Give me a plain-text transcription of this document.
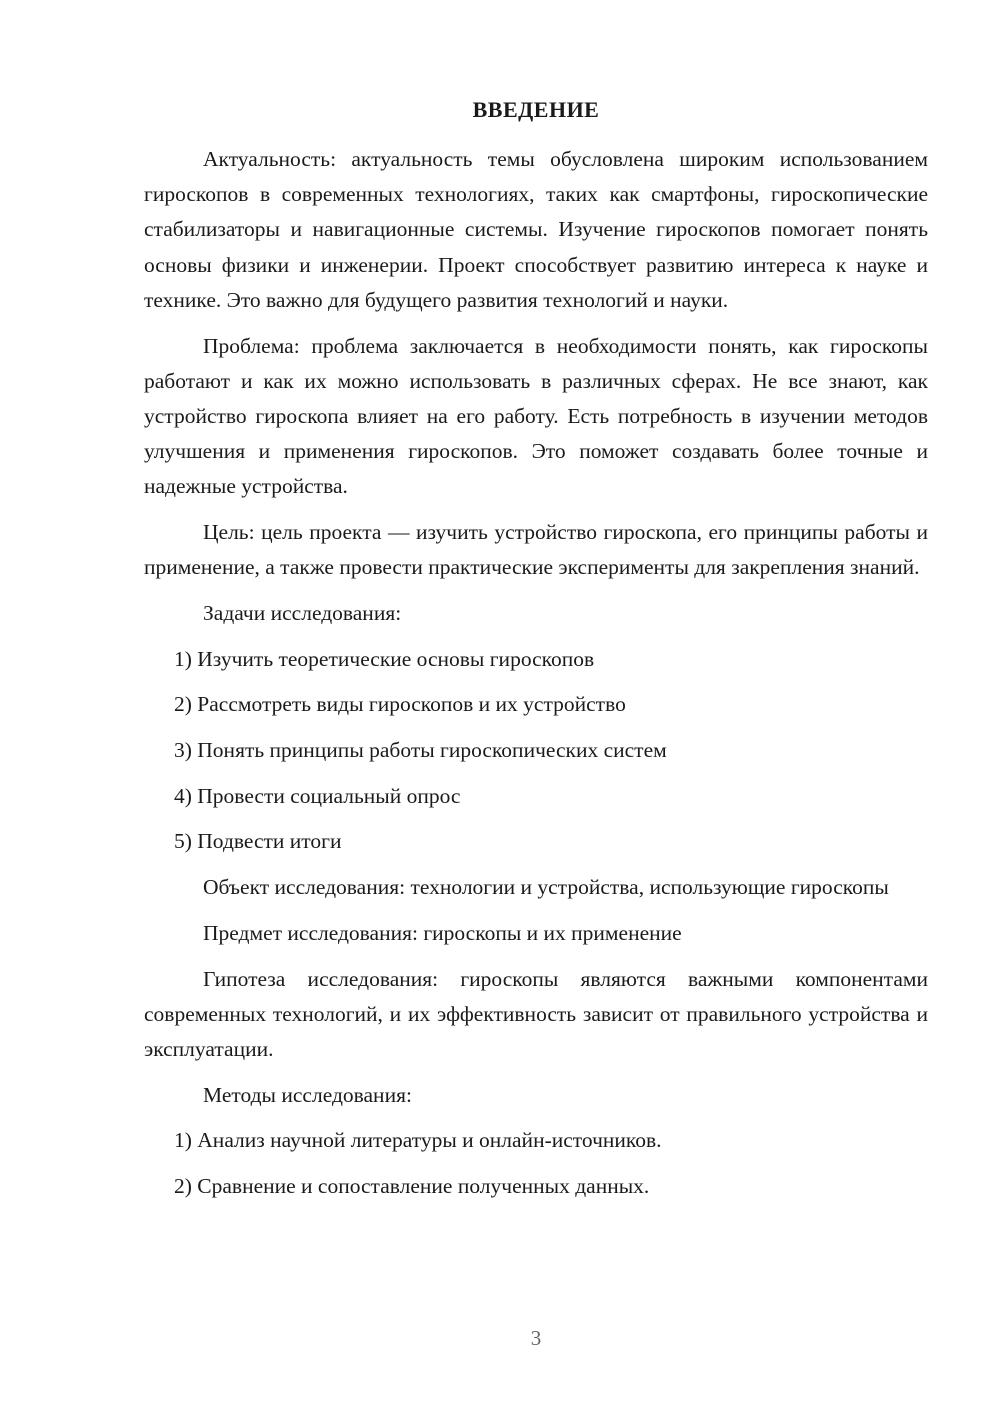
ВВЕДЕНИЕ

Актуальность: актуальность темы обусловлена широким использованием гироскопов в современных технологиях, таких как смартфоны, гироскопические стабилизаторы и навигационные системы. Изучение гироскопов помогает понять основы физики и инженерии. Проект способствует развитию интереса к науке и технике. Это важно для будущего развития технологий и науки.

Проблема: проблема заключается в необходимости понять, как гироскопы работают и как их можно использовать в различных сферах. Не все знают, как устройство гироскопа влияет на его работу. Есть потребность в изучении методов улучшения и применения гироскопов. Это поможет создавать более точные и надежные устройства.

Цель: цель проекта — изучить устройство гироскопа, его принципы работы и применение, а также провести практические эксперименты для закрепления знаний.

Задачи исследования:

1) Изучить теоретические основы гироскопов
2) Рассмотреть виды гироскопов и их устройство
3) Понять принципы работы гироскопических систем
4) Провести социальный опрос
5) Подвести итоги

Объект исследования: технологии и устройства, использующие гироскопы

Предмет исследования: гироскопы и их применение

Гипотеза исследования: гироскопы являются важными компонентами современных технологий, и их эффективность зависит от правильного устройства и эксплуатации.

Методы исследования:

1) Анализ научной литературы и онлайн-источников.
2) Сравнение и сопоставление полученных данных.
3
